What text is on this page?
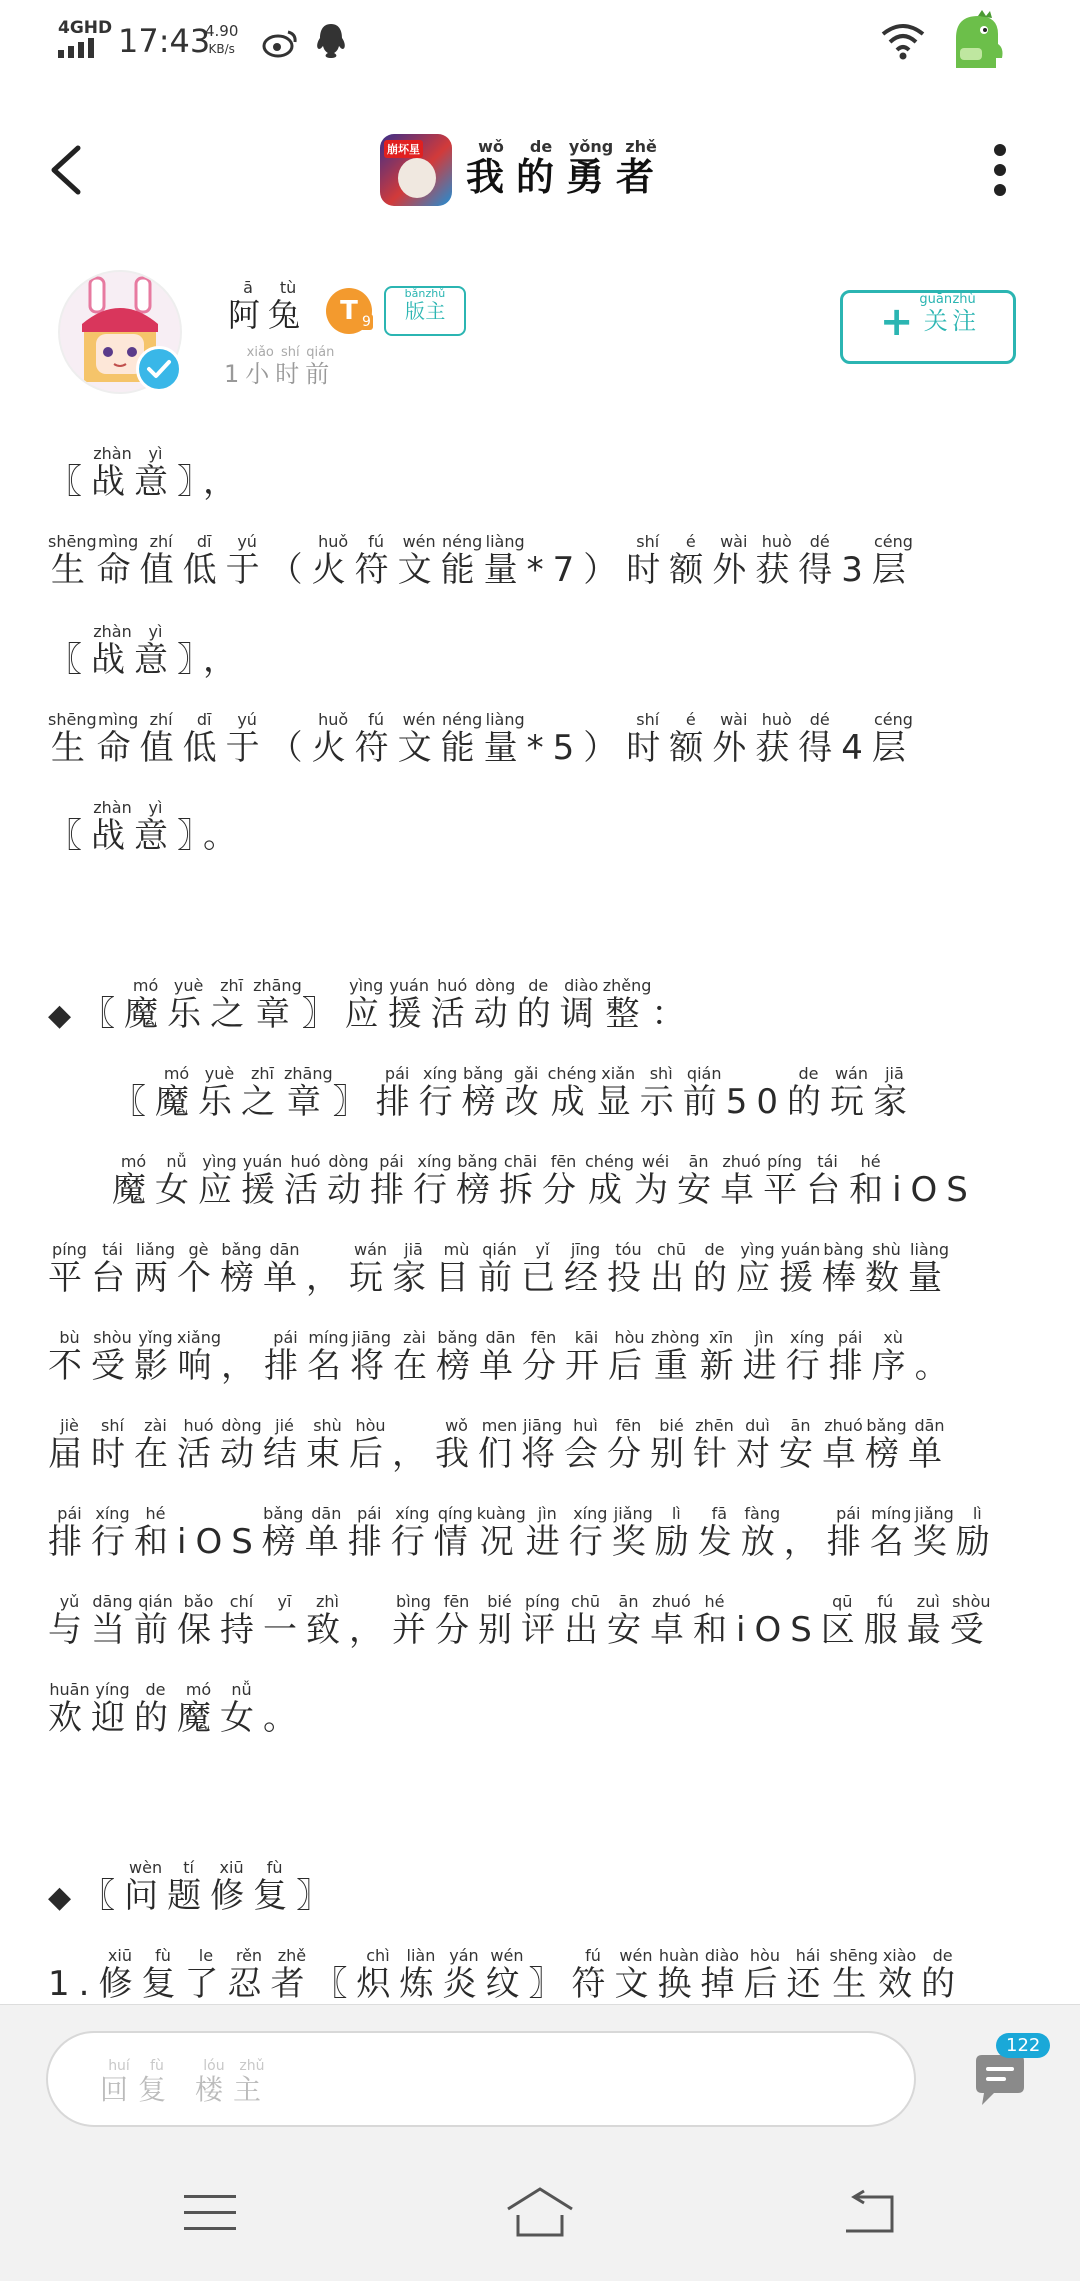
4GHD 17:43
4.90
KB/s
崩坏星
我wǒ的de勇yǒng者zhě
阿ā兔tù
T 9	版bǎn主zhǔ
1 小xiǎo时shí前qián
+ 关guān注zhù

〖 战zhàn意yì〗，
生shēng命mìng值zhí低dī于yú（ 火huǒ符fú文wén能néng量liàng*7 ） 时shí额é外wài获huò得dé3 层céng
〖 战zhàn意yì〗，
生shēng命mìng值zhí低dī于yú（ 火huǒ符fú文wén能néng量liàng*5 ） 时shí额é外wài获huò得dé4 层céng
〖 战zhàn意yì〗。
◆ 〖 魔mó乐yuè之zhī章zhāng〗 应yìng援yuán活huó动dòng的de调diào整zhěng：
〖 魔mó乐yuè之zhī章zhāng〗 排pái行xíng榜bǎng改gǎi成chéng显xiǎn示shì前qián50 的de玩wán家jiā
魔mó女nǚ应yìng援yuán活huó动dòng排pái行xíng榜bǎng拆chāi分fēn成chéng为wéi安ān卓zhuó平píng台tái和héiOS
平píng台tái两liǎng个gè榜bǎng单dān， 玩wán家jiā目mù前qián已yǐ经jīng投tóu出chū的de应yìng援yuán棒bàng数shù量liàng
不bù受shòu影yǐng响xiǎng， 排pái名míng将jiāng在zài榜bǎng单dān分fēn开kāi后hòu重zhòng新xīn进jìn行xíng排pái序xù。
届jiè时shí在zài活huó动dòng结jié束shù后hòu， 我wǒ们men将jiāng会huì分fēn别bié针zhēn对duì安ān卓zhuó榜bǎng单dān
排pái行xíng和héiOS 榜bǎng单dān排pái行xíng情qíng况kuàng进jìn行xíng奖jiǎng励lì发fā放fàng， 排pái名míng奖jiǎng励lì
与yǔ当dāng前qián保bǎo持chí一yī致zhì， 并bìng分fēn别bié评píng出chū安ān卓zhuó和héiOS 区qū服fú最zuì受shòu
欢huān迎yíng的de魔mó女nǚ。
◆ 〖 问wèn题tí修xiū复fù〗
1. 修xiū复fù了le忍rěn者zhě〖 炽chì炼liàn炎yán纹wén〗 符fú文wén换huàn掉diào后hòu还hái生shēng效xiào的de
回huí复fù  楼lóu主zhǔ
122
